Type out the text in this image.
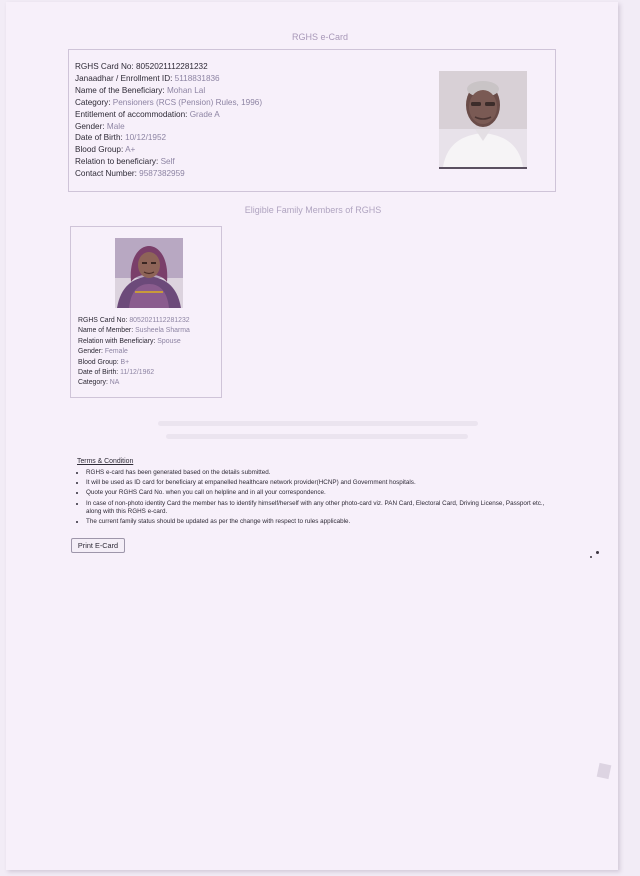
RGHS e-Card
RGHS Card No: 8052021112281232
Janaadhar / Enrollment ID: 5118831836
Name of the Beneficiary: Mohan Lal
Category: Pensioners (RCS (Pension) Rules, 1996)
Entitlement of accommodation: Grade A
Gender: Male
Date of Birth: 10/12/1952
Blood Group: A+
Relation to beneficiary: Self
Contact Number: 9587382959
Eligible Family Members of RGHS
RGHS Card No: 8052021112281232
Name of Member: Susheela Sharma
Relation with Beneficiary: Spouse
Gender: Female
Blood Group: B+
Date of Birth: 11/12/1962
Category: NA
Terms & Condition
• RGHS e-card has been generated based on the details submitted.
• It will be used as ID card for beneficiary at empanelled healthcare network provider(HCNP) and Government hospitals.
• Quote your RGHS Card No. when you call on helpline and in all your correspondence.
• In case of non-photo identity Card the member has to identify himself/herself with any other photo-card viz. PAN Card, Electoral Card, Driving License, Passport etc., along with this RGHS e-card.
• The current family status should be updated as per the change with respect to rules applicable.
Print E-Card
